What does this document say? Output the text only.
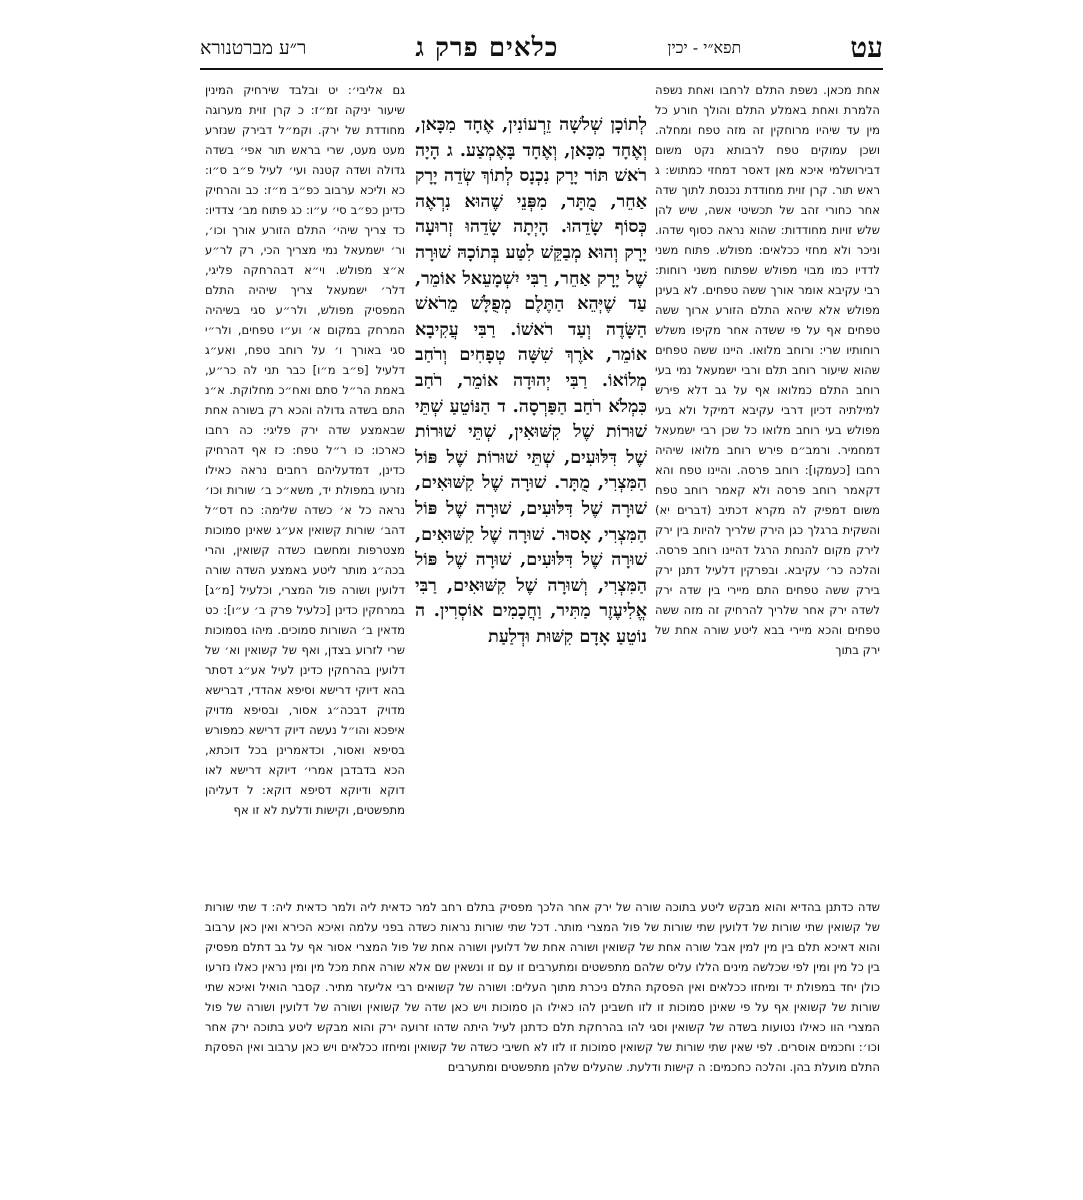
עט
תפא״י - יכין
כלאים פרק ג
ר״ע מברטנורא

אחת מכאן. נשפת התלם לרחבו ואחת נשפה הלמרת ואחת באמלע התלם והולך חורע כל מין עד שיהיו מרוחקין זה מזה טפח ומחלה. ושכן עמוקים טפח לרבותא נקט משום דבירושלמי איכא מאן דאסר דמחזי כמתוש: ג ראש תור. קרן זוית מחודדת נכנסת לתוך שדה אחר כחורי זהב של תכשיטי אשה, שיש להן שלש זויות מחודדות: שהוא נראה כסוף שדהו. וניכר ולא מחזי ככלאים: מפולש. פתוח משני לדדיו כמו מבוי מפולש שפתוח משני רוחות: רבי עקיבא אומר אורך ששה טפחים. לא בעינן מפולש אלא שיהא התלם הזורע ארוך ששה טפחים אף על פי ששדה אחר מקיפו משלש רוחותיו שרי: ורוחב מלואו. היינו ששה טפחים שהוא שיעור רוחב תלם ורבי ישמעאל נמי בעי רוחב התלם כמלואו אף על גב דלא פירש למילתיה דכיון דרבי עקיבא דמיקל ולא בעי מפולש בעי רוחב מלואו כל שכן רבי ישמעאל דמחמיר. ורמב״ם פירש רוחב מלואו שיהיה רחבו [כעמקו]: רוחב פרסה. והיינו טפח והא דקאמר רוחב פרסה ולא קאמר רוחב טפח משום דמפיק לה מקרא דכתיב (דברים יא) והשקית ברגלך כגן הירק שלריך להיות בין ירק לירק מקום להנחת הרגל דהיינו רוחב פרסה. והלכה כר׳ עקיבא. ובפרקין דלעיל דתנן ירק בירק ששה טפחים התם מיירי בין שדה ירק לשדה ירק אחר שלריך להרחיק זה מזה ששה טפחים והכא מיירי בבא ליטע שורה אחת של ירק בתוך

לְתוֹכָן שְׁלשָׁה זֵרְעוֹנִין, אֶחָד מִכָּאן, וְאֶחָד מִכָּאן, וְאֶחָד בָּאֶמְצַע. ג הָיָה רֹאשׁ תּוֹר יָרָק נִכְנָס לְתוֹךְ שְׂדֵה יָרָק אַחֵר, מֻתָּר, מִפְּנֵי שֶׁהוּא נִרְאֶה כְּסוֹף שָׂדֵהוּ. הָיְתָה שָׂדֵהוּ זְרוּעָה יָרָק וְהוּא מְבַקֵּשׁ לִטַּע בְּתוֹכָהּ שׁוּרָה שֶׁל יָרָק אַחֵר, רַבִּי יִשְׁמָעֵאל אוֹמֵר, עַד שֶׁיְּהֵא הַתֶּלֶם מְפֻלָּשׁ מֵרֹאשׁ הַשָּׂדֶה וְעַד רֹאשׁוֹ. רַבִּי עֲקִיבָא אוֹמֵר, אֹרֶךְ שִׁשָּׁה טְפָחִים וְרֹחַב מְלוֹאוֹ. רַבִּי יְהוּדָה אוֹמֵר, רֹחַב כִּמְלֹא רֹחַב הַפַּרְסָה. ד הַנּוֹטֵעַ שְׁתֵּי שׁוּרוֹת שֶׁל קִשּׁוּאִין, שְׁתֵּי שׁוּרוֹת שֶׁל דִּלּוּעִים, שְׁתֵּי שׁוּרוֹת שֶׁל פּוֹל הַמִּצְרִי, מֻתָּר. שׁוּרָה שֶׁל קִשּׁוּאִים, שׁוּרָה שֶׁל דִּלּוּעִים, שׁוּרָה שֶׁל פּוֹל הַמִּצְרִי, אָסוּר. שׁוּרָה שֶׁל קִשּׁוּאִים, שׁוּרָה שֶׁל דִּלּוּעִים, שׁוּרָה שֶׁל פּוֹל הַמִּצְרִי, וְשׁוּרָה שֶׁל קִשּׁוּאִים, רַבִּי אֱלִיעֶזֶר מַתִּיר, וַחֲכָמִים אוֹסְרִין. ה נוֹטֵעַ אָדָם קִשּׁוּת וּדְלַעַת

גם אליבי׳: יט ובלבד שירחיק המינין שיעור יניקה זמ״ז: כ קרן זוית מערוגה מחודדת של ירק. וקמ״ל דבירק שנזרע מעט מעט, שרי בראש תור אפי׳ בשדה גדולה ושדה קטנה ועי׳ לעיל פ״ב ס״ו: כא וליכא ערבוב כפ״ב מ״ז: כב והרחיק כדינן כפ״ב סי׳ ע״ו: כג פתוח מב׳ צדדיו: כד צריך שיהי׳ התלם הזורע אורך וכו׳, ור׳ ישמעאל נמי מצריך הכי, רק לר״ע א״צ מפולש. וי״א דבהרחקה פליגי, דלר׳ ישמעאל צריך שיהיה התלם המפסיק מפולש, ולר״ע סגי בשיהיה המרחק במקום א׳ וע״ו טפחים, ולר״י סגי באורך ו׳ על רוחב טפח, ואע״ג דלעיל [פ״ב מ״ו] כבר תני לה כר״ע, באמת הר״ל סתם ואח״כ מחלוקת. א״נ התם בשדה גדולה והכא רק בשורה אחת שבאמצע שדה ירק פליגי: כה רחבו כארכו: כו ר״ל טפח: כז אף דהרחיק כדינן, דמדעליהם רחבים נראה כאילו נזרעו במפולת יד, משא״כ ב׳ שורות וכו׳ נראה כל א׳ כשדה שלימה: כח דס״ל דהב׳ שורות קשואין אע״ג שאינן סמוכות מצטרפות ומחשבו כשדה קשואין, והרי בכה״ג מותר ליטע באמצע השדה שורה דלועין ושורה פול המצרי, וכלעיל [מ״ג] במרחקין כדינן [כלעיל פרק ב׳ ע״ו]: כט מדאין ב׳ השורות סמוכים. מיהו בסמוכות שרי לזרוע בצדן, ואף של קשואין וא׳ של דלועין בהרחקין כדינן לעיל אע״ג דסתר בהא דיוקי דרישא וסיפא אהדדי, דברישא מדויק דבכה״ג אסור, ובסיפא מדויק איפכא והו״ל נעשה דיוק דרישא כמפורש בסיפא ואסור, וכדאמרינן בכל דוכתא, הכא בדבדבן אמרי׳ דיוקא דרישא לאו דוקא ודיוקא דסיפא דוקא: ל דעליהן מתפשטים, וקישות ודלעת לא זו אף

שדה כדתנן בהדיא והוא מבקש ליטע בתוכה שורה של ירק אחר הלכך מפסיק בתלם רחב למר כדאית ליה ולמר כדאית ליה: ד שתי שורות של קשואין שתי שורות של דלועין שתי שורות של פול המצרי מותר. דכל שתי שורות נראות כשדה בפני עלמה ואיכא הכירא ואין כאן ערבוב והוא דאיכא תלם בין מין למין אבל שורה אחת של קשואין ושורה אחת של דלועין ושורה אחת של פול המצרי אסור אף על גב דתלם מפסיק בין כל מין ומין לפי שכלשה מינים הללו עליס שלהם מתפשטים ומתערבים זו עם זו ונשאין שם אלא שורה אחת מכל מין ומין נראין כאלו נזרעו כולן יחד במפולת יד ומיחזו ככלאים ואין הפסקת התלם ניכרת מתוך העלים: ושורה של קשואים רבי אליעזר מתיר. קסבר הואיל ואיכא שתי שורות של קשואין אף על פי שאינן סמוכות זו לזו חשבינן להו כאילו הן סמוכות ויש כאן שדה של קשואין ושורה של דלועין ושורה של פול המצרי הוו כאילו נטועות בשדה של קשואין וסגי להו בהרחקת תלם כדתנן לעיל היתה שדהו זרועה ירק והוא מבקש ליטע בתוכה ירק אחר וכו׳: וחכמים אוסרים. לפי שאין שתי שורות של קשואין סמוכות זו לזו לא חשיבי כשדה של קשואין ומיחזו ככלאים ויש כאן ערבוב ואין הפסקת התלם מועלת בהן. והלכה כחכמים: ה קישות ודלעת. שהעלים שלהן מתפשטים ומתערבים
